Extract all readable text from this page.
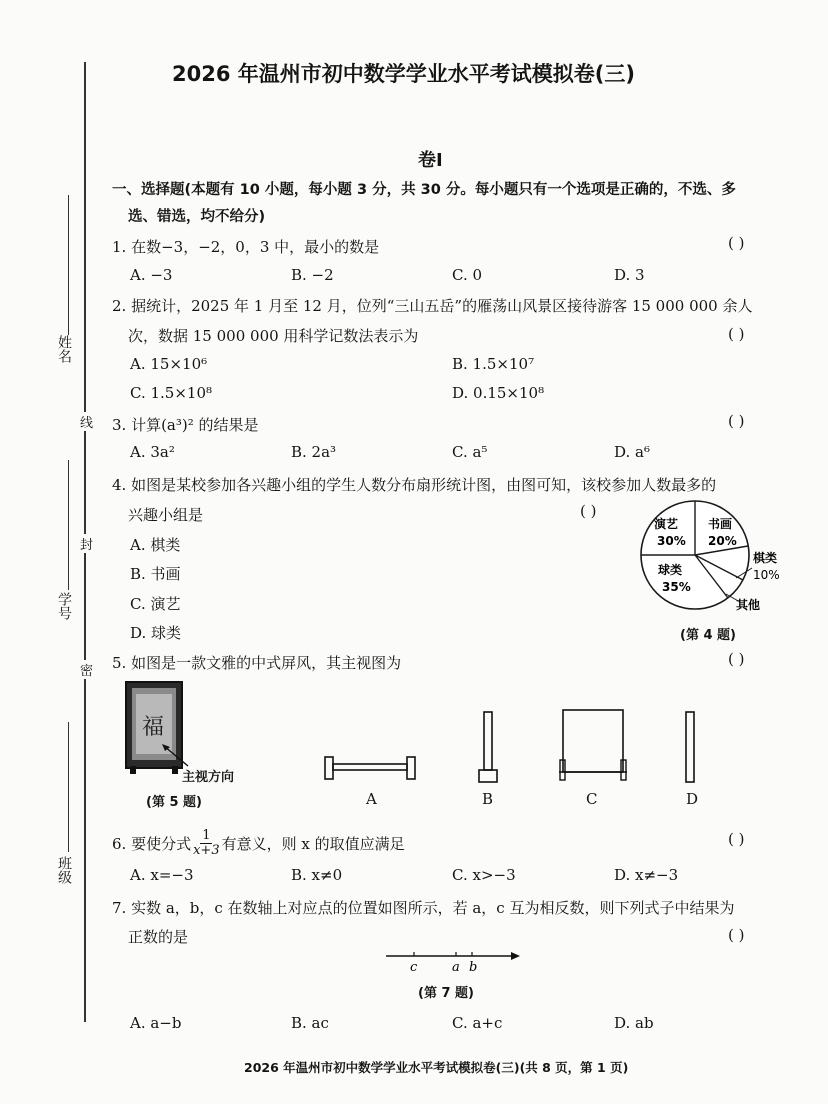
姓名
学号
班级
线
封
密
2026 年温州市初中数学学业水平考试模拟卷(三)
卷Ⅰ
一、选择题(本题有 10 小题，每小题 3 分，共 30 分。每小题只有一个选项是正确的，不选、多
选、错选，均不给分)
1. 在数−3，−2，0，3 中，最小的数是	( )
A. −3	B. −2	C. 0	D. 3
2. 据统计，2025 年 1 月至 12 月，位列“三山五岳”的雁荡山风景区接待游客 15 000 000 余人
次，数据 15 000 000 用科学记数法表示为	( )
A. 15×10⁶	B. 1.5×10⁷
C. 1.5×10⁸	D. 0.15×10⁸
3. 计算(a³)² 的结果是	( )
A. 3a²	B. 2a³	C. a⁵	D. a⁶
4. 如图是某校参加各兴趣小组的学生人数分布扇形统计图，由图可知，该校参加人数最多的
兴趣小组是	( )
A. 棋类
B. 书画
C. 演艺
D. 球类
演艺
30%
书画
20%
棋类
10%
其他
球类
35%
(第 4 题)
5. 如图是一款文雅的中式屏风，其主视图为	( )
福
主视方向
(第 5 题)	A	B	C	D
6. 要使分式 $\frac{1}{x+3}$ 有意义，则 x 的取值应满足	( )
A. x=−3	B. x≠0	C. x>−3	D. x≠−3
7. 实数 a，b，c 在数轴上对应点的位置如图所示，若 a，c 互为相反数，则下列式子中结果为
正数的是	( )
c	a b
(第 7 题)
A. a−b	B. ac	C. a+c	D. ab
2026 年温州市初中数学学业水平考试模拟卷(三)(共 8 页，第 1 页)
